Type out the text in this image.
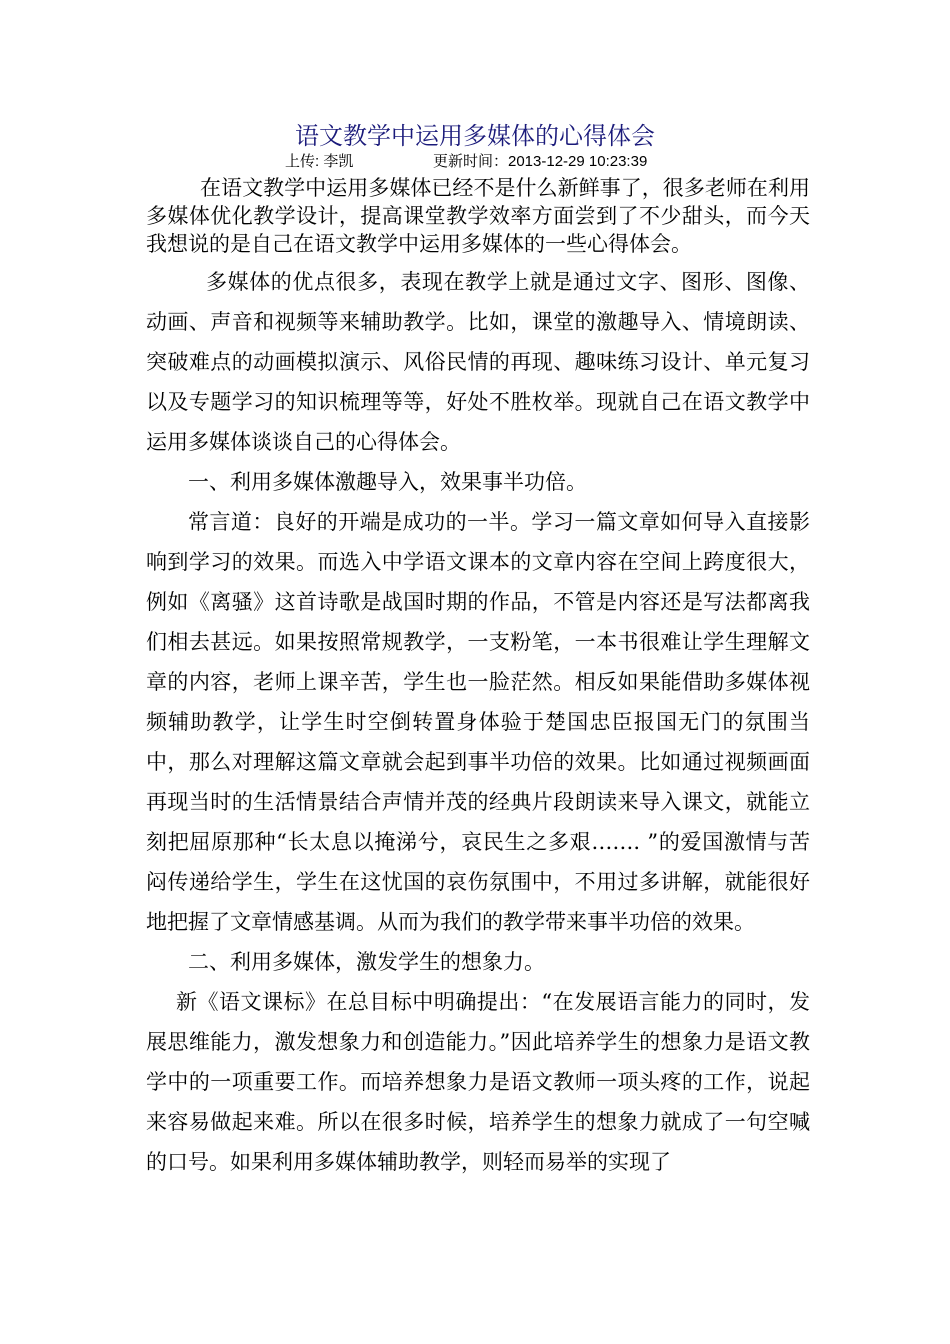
语文教学中运用多媒体的心得体会
上传: 李凯	更新时间：2013-12-29 10:23:39

在语文教学中运用多媒体已经不是什么新鲜事了，很多老师在利用多媒体优化教学设计，提高课堂教学效率方面尝到了不少甜头，而今天我想说的是自己在语文教学中运用多媒体的一些心得体会。

多媒体的优点很多，表现在教学上就是通过文字、图形、图像、动画、声音和视频等来辅助教学。比如，课堂的激趣导入、情境朗读、突破难点的动画模拟演示、风俗民情的再现、趣味练习设计、单元复习以及专题学习的知识梳理等等，好处不胜枚举。现就自己在语文教学中运用多媒体谈谈自己的心得体会。

一、利用多媒体激趣导入，效果事半功倍。

常言道：良好的开端是成功的一半。学习一篇文章如何导入直接影响到学习的效果。而选入中学语文课本的文章内容在空间上跨度很大，例如《离骚》这首诗歌是战国时期的作品，不管是内容还是写法都离我们相去甚远。如果按照常规教学，一支粉笔，一本书很难让学生理解文章的内容，老师上课辛苦，学生也一脸茫然。相反如果能借助多媒体视频辅助教学，让学生时空倒转置身体验于楚国忠臣报国无门的氛围当中，那么对理解这篇文章就会起到事半功倍的效果。比如通过视频画面再现当时的生活情景结合声情并茂的经典片段朗读来导入课文，就能立刻把屈原那种“长太息以掩涕兮，哀民生之多艰……. ”的爱国激情与苦闷传递给学生，学生在这忧国的哀伤氛围中，不用过多讲解，就能很好地把握了文章情感基调。从而为我们的教学带来事半功倍的效果。

二、利用多媒体，激发学生的想象力。

新《语文课标》在总目标中明确提出：“在发展语言能力的同时，发展思维能力，激发想象力和创造能力。”因此培养学生的想象力是语文教学中的一项重要工作。而培养想象力是语文教师一项头疼的工作，说起来容易做起来难。所以在很多时候，培养学生的想象力就成了一句空喊的口号。如果利用多媒体辅助教学，则轻而易举的实现了
